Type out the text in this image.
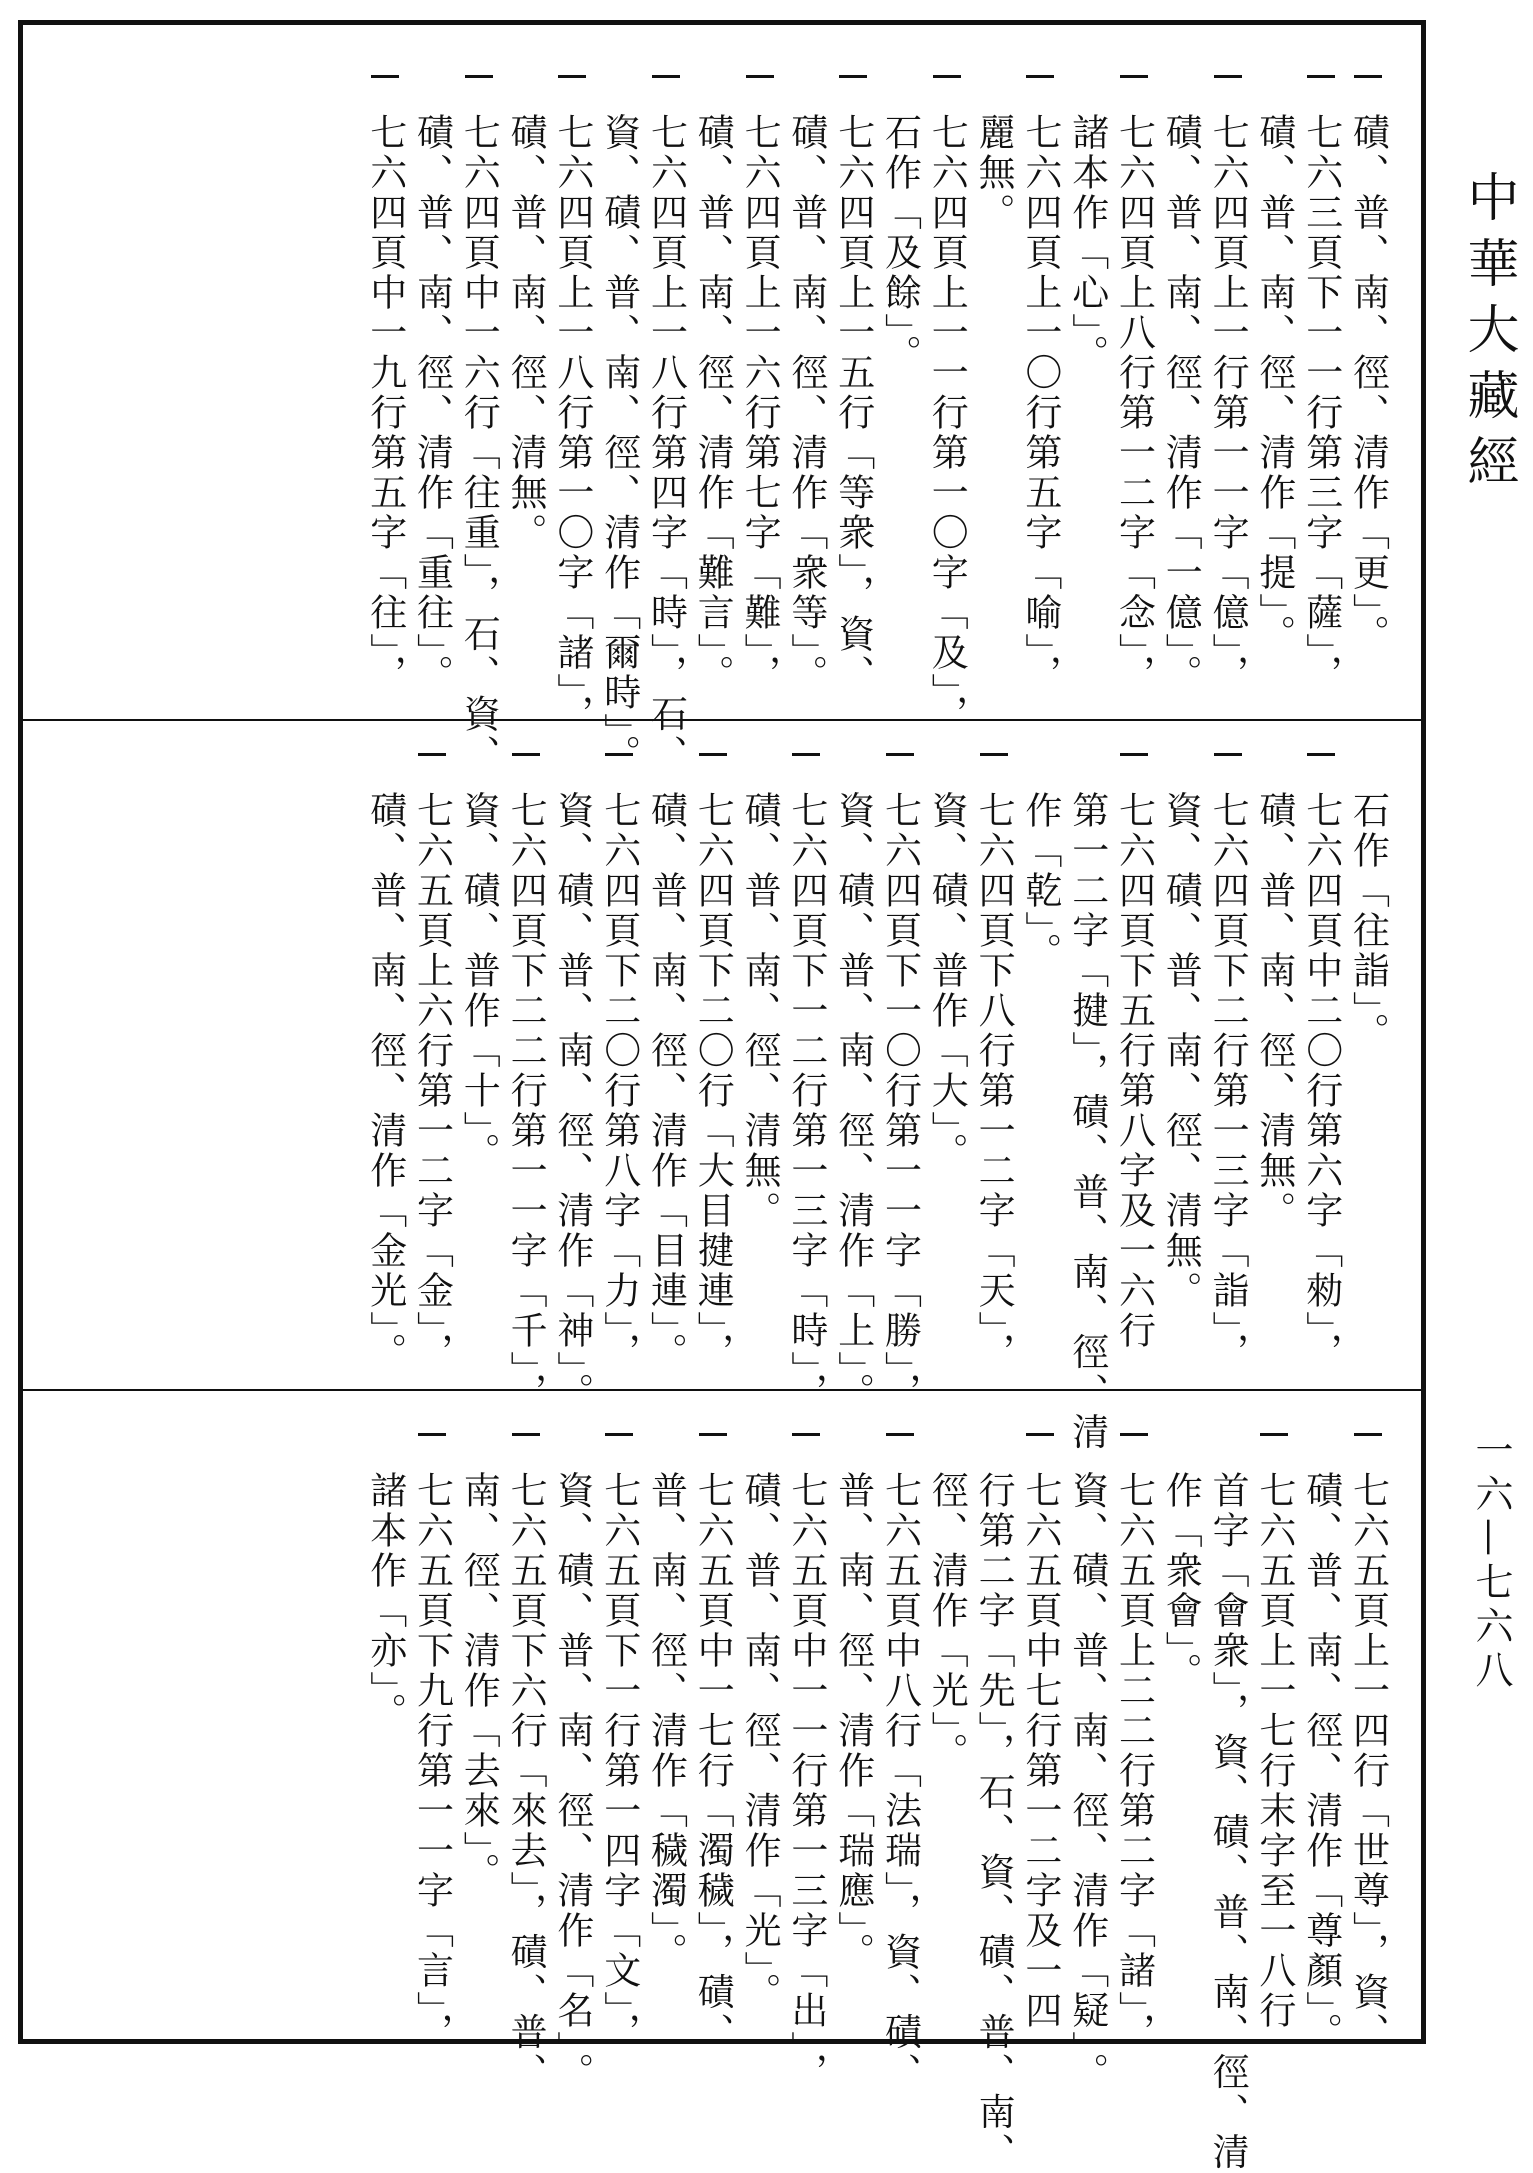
磧、普、南、徑、清作「更」。
七六三頁下一一行第三字「薩」，
磧、普、南、徑、清作「提」。
七六四頁上一行第一一字「億」，
磧、普、南、徑、清作「一億」。
七六四頁上八行第一二字「念」，
諸本作「心」。
七六四頁上一〇行第五字「喻」，
麗無。
七六四頁上一一行第一〇字「及」，
石作「及餘」。
七六四頁上一五行「等衆」，資、
磧、普、南、徑、清作「衆等」。
七六四頁上一六行第七字「難」，
磧、普、南、徑、清作「難言」。
七六四頁上一八行第四字「時」，石、
資、磧、普、南、徑、清作「爾時」。
七六四頁上一八行第一〇字「諸」，
磧、普、南、徑、清無。
七六四頁中一六行「往重」，石、資、
磧、普、南、徑、清作「重往」。
七六四頁中一九行第五字「往」，
石作「往詣」。
七六四頁中二〇行第六字「勑」，
磧、普、南、徑、清無。
七六四頁下二行第一三字「詣」，
資、磧、普、南、徑、清無。
七六四頁下五行第八字及一六行
第一二字「揵」，磧、普、南、徑、清
作「乾」。
七六四頁下八行第一二字「天」，
資、磧、普作「大」。
七六四頁下一〇行第一一字「勝」，
資、磧、普、南、徑、清作「上」。
七六四頁下一二行第一三字「時」，
磧、普、南、徑、清無。
七六四頁下二〇行「大目揵連」，
磧、普、南、徑、清作「目連」。
七六四頁下二〇行第八字「力」，
資、磧、普、南、徑、清作「神」。
七六四頁下二二行第一一字「千」，
資、磧、普作「十」。
七六五頁上六行第一二字「金」，
磧、普、南、徑、清作「金光」。
七六五頁上一四行「世尊」，資、
磧、普、南、徑、清作「尊顏」。
七六五頁上一七行末字至一八行
首字「會衆」，資、磧、普、南、徑、清
作「衆會」。
七六五頁上二二行第二字「諸」，
資、磧、普、南、徑、清作「疑」。
七六五頁中七行第一二字及一四
行第二字「先」，石、資、磧、普、南、
徑、清作「光」。
七六五頁中八行「法瑞」，資、磧、
普、南、徑、清作「瑞應」。
七六五頁中一一行第一三字「出」，
磧、普、南、徑、清作「光」。
七六五頁中一七行「濁穢」，磧、
普、南、徑、清作「穢濁」。
七六五頁下一行第一四字「文」，
資、磧、普、南、徑、清作「名」。
七六五頁下六行「來去」，磧、普、
南、徑、清作「去來」。
七六五頁下九行第一一字「言」，
諸本作「亦」。
中華大藏經
一六—七六八
